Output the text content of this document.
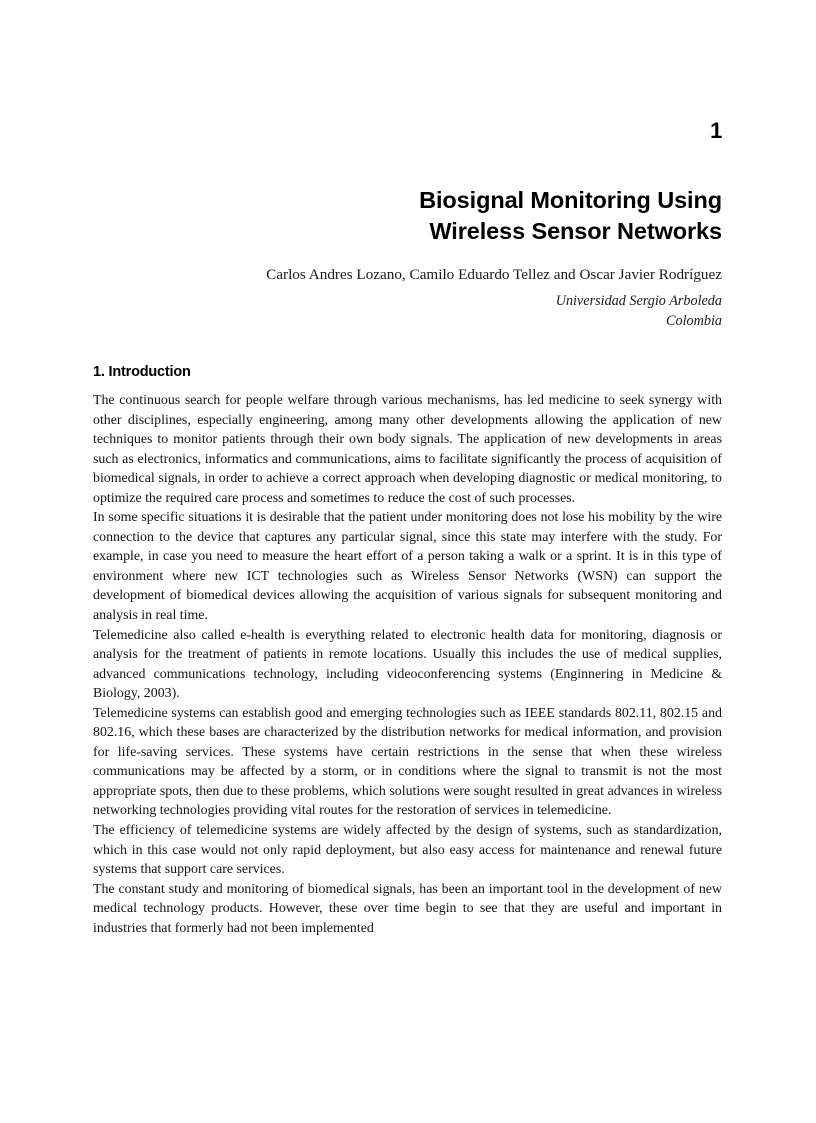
1
Biosignal Monitoring Using
Wireless Sensor Networks
Carlos Andres Lozano, Camilo Eduardo Tellez and Oscar Javier Rodríguez
Universidad Sergio Arboleda
Colombia
1. Introduction

The continuous search for people welfare through various mechanisms, has led medicine to seek synergy with other disciplines, especially engineering, among many other developments allowing the application of new techniques to monitor patients through their own body signals. The application of new developments in areas such as electronics, informatics and communications, aims to facilitate significantly the process of acquisition of biomedical signals, in order to achieve a correct approach when developing diagnostic or medical monitoring, to optimize the required care process and sometimes to reduce the cost of such processes.

In some specific situations it is desirable that the patient under monitoring does not lose his mobility by the wire connection to the device that captures any particular signal, since this state may interfere with the study. For example, in case you need to measure the heart effort of a person taking a walk or a sprint. It is in this type of environment where new ICT technologies such as Wireless Sensor Networks (WSN) can support the development of biomedical devices allowing the acquisition of various signals for subsequent monitoring and analysis in real time.

Telemedicine also called e-health is everything related to electronic health data for monitoring, diagnosis or analysis for the treatment of patients in remote locations. Usually this includes the use of medical supplies, advanced communications technology, including videoconferencing systems (Enginnering in Medicine & Biology, 2003).

Telemedicine systems can establish good and emerging technologies such as IEEE standards 802.11, 802.15 and 802.16, which these bases are characterized by the distribution networks for medical information, and provision for life-saving services. These systems have certain restrictions in the sense that when these wireless communications may be affected by a storm, or in conditions where the signal to transmit is not the most appropriate spots, then due to these problems, which solutions were sought resulted in great advances in wireless networking technologies providing vital routes for the restoration of services in telemedicine.

The efficiency of telemedicine systems are widely affected by the design of systems, such as standardization, which in this case would not only rapid deployment, but also easy access for maintenance and renewal future systems that support care services.

The constant study and monitoring of biomedical signals, has been an important tool in the development of new medical technology products. However, these over time begin to see that they are useful and important in industries that formerly had not been implemented
